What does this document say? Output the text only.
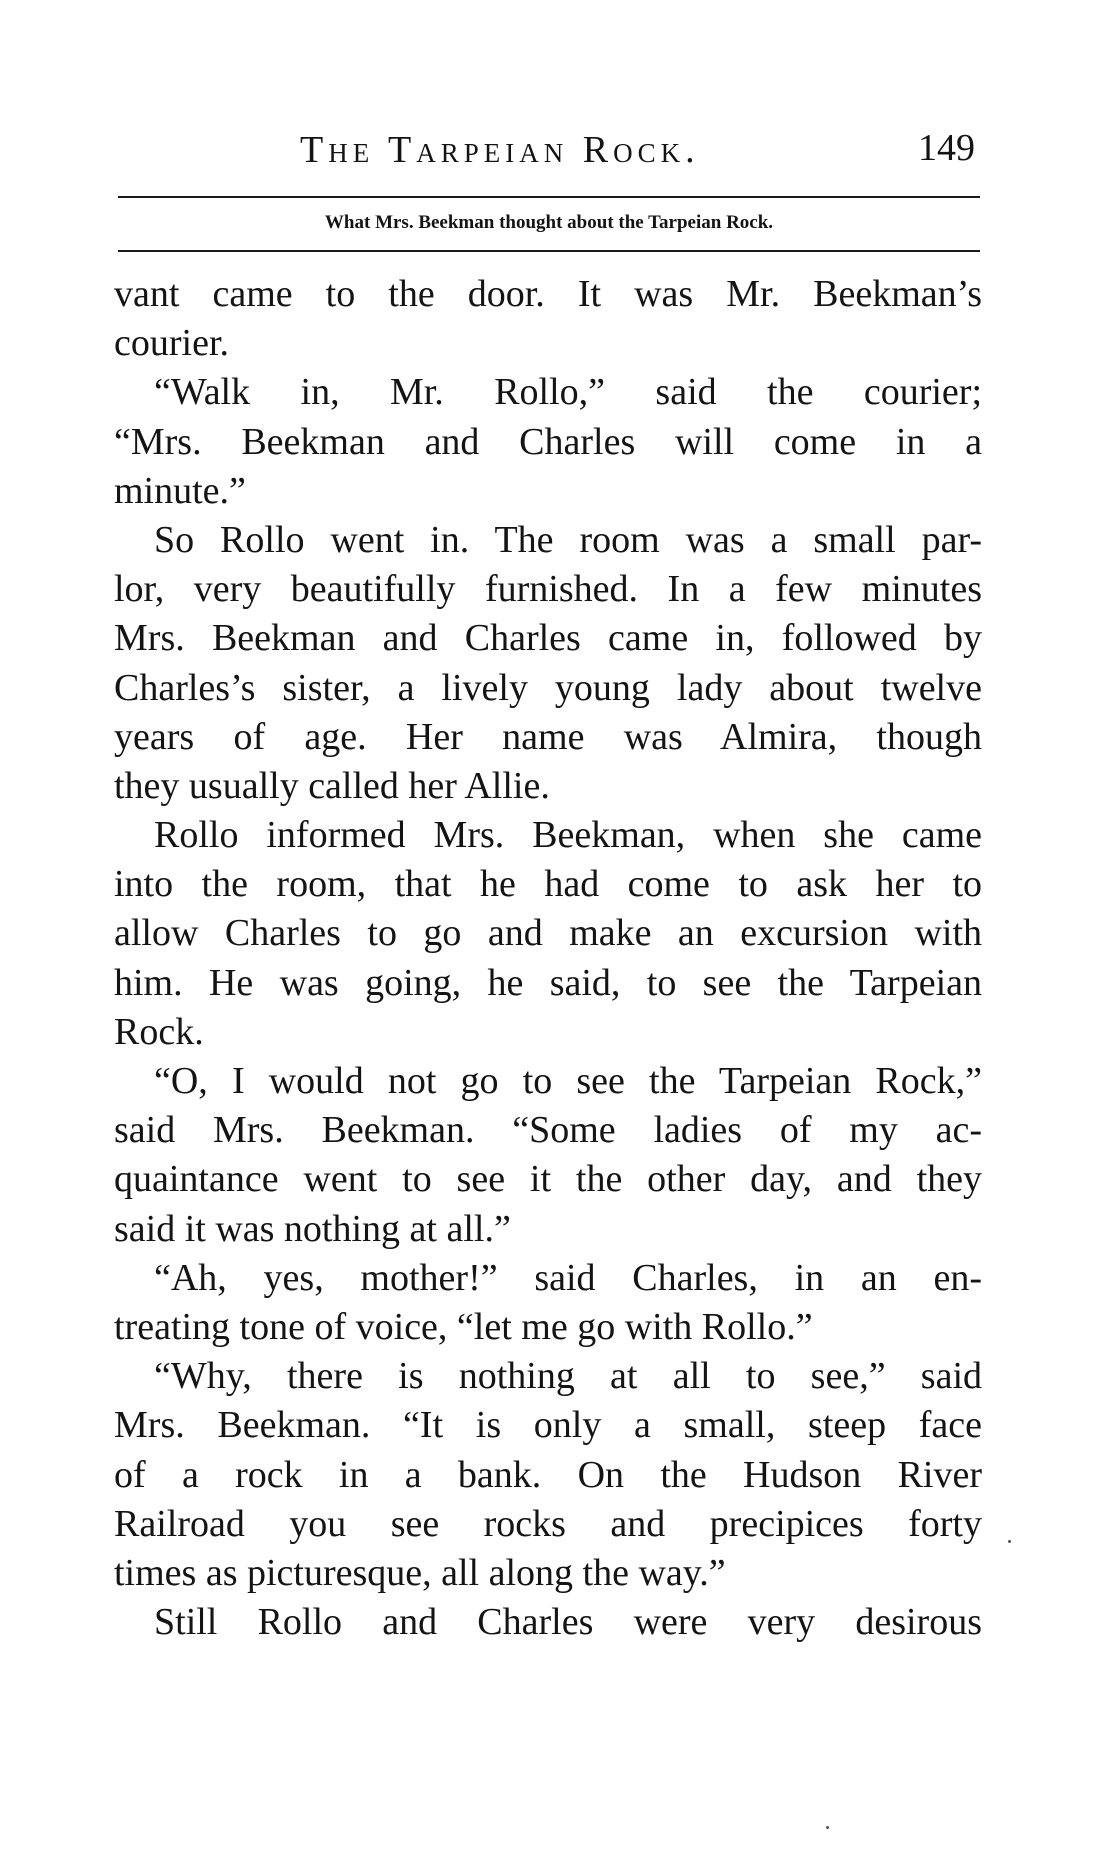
The Tarpeian Rock.	149
What Mrs. Beekman thought about the Tarpeian Rock.
vant came to the door. It was Mr. Beekman’s
courier.
“Walk in, Mr. Rollo,” said the courier;
“Mrs. Beekman and Charles will come in a
minute.”
So Rollo went in. The room was a small par-
lor, very beautifully furnished. In a few minutes
Mrs. Beekman and Charles came in, followed by
Charles’s sister, a lively young lady about twelve
years of age. Her name was Almira, though
they usually called her Allie.
Rollo informed Mrs. Beekman, when she came
into the room, that he had come to ask her to
allow Charles to go and make an excursion with
him. He was going, he said, to see the Tarpeian
Rock.
“O, I would not go to see the Tarpeian Rock,”
said Mrs. Beekman. “Some ladies of my ac-
quaintance went to see it the other day, and they
said it was nothing at all.”
“Ah, yes, mother!” said Charles, in an en-
treating tone of voice, “let me go with Rollo.”
“Why, there is nothing at all to see,” said
Mrs. Beekman. “It is only a small, steep face
of a rock in a bank. On the Hudson River
Railroad you see rocks and precipices forty
times as picturesque, all along the way.”
Still Rollo and Charles were very desirous
